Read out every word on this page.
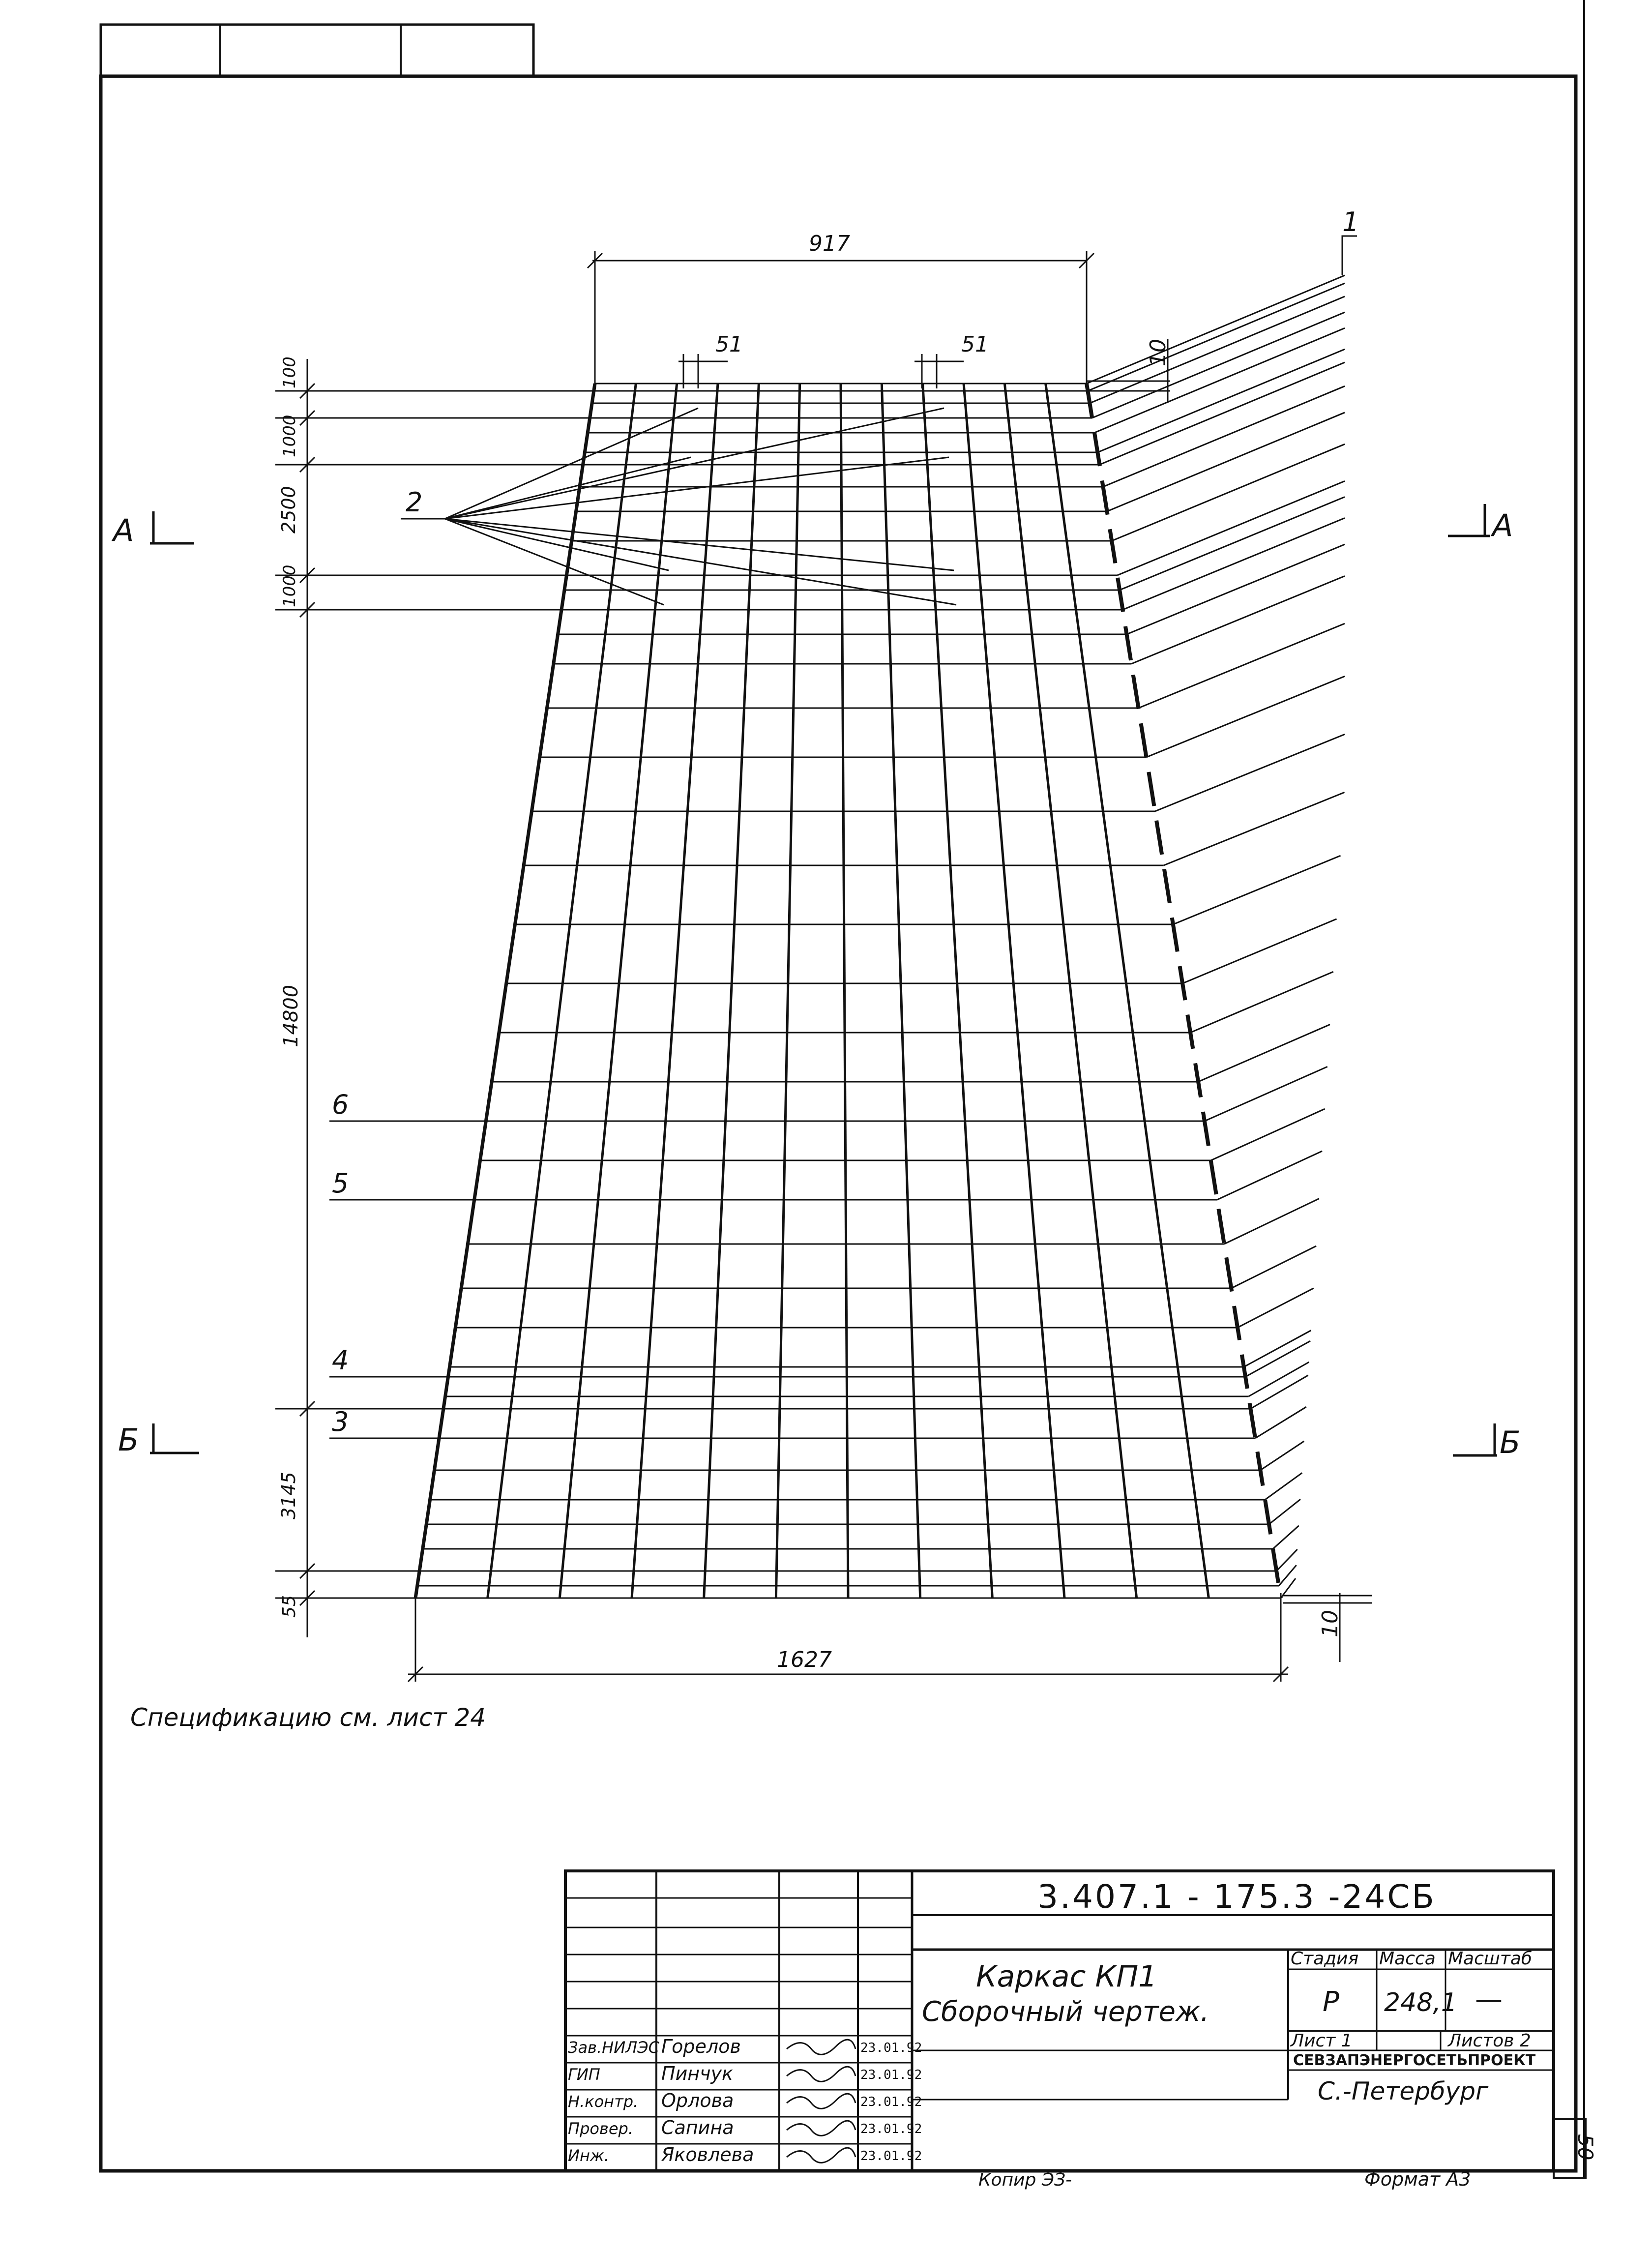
917
1627
51	51	10
10
100
1000
2500
1000
14800
3145
55
1
2
6
5
4
3
А	А
Б	Б
Спецификацию см. лист 24
3.407.1 - 175.3 -24СБ
Каркас КП1
Сборочный чертеж.
Стадия Масса Масштаб
Р 248,1 —
Лист 1	Листов 2
СЕВЗАПЭНЕРГОСЕТЬПРОЕКТ
С.-Петербург
Зав.НИЛЭС Горелов	23.01.92
ГИП	Пинчук	23.01.92
Н.контр. Орлова	23.01.92
Провер. Сапина	23.01.92
Инж.	Яковлева	23.01.92
Копир ЭЗ-	Формат А3
50
